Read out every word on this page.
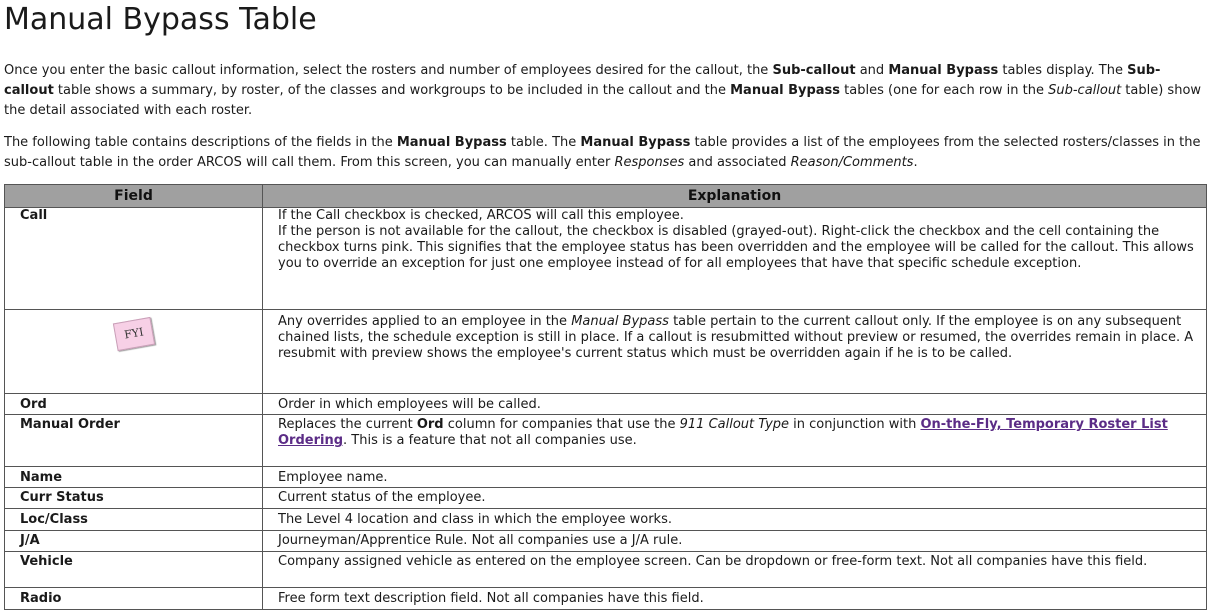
Manual Bypass Table

Once you enter the basic callout information, select the rosters and number of employees desired for the callout, the Sub-callout and Manual Bypass tables display. The Sub-callout table shows a summary, by roster, of the classes and workgroups to be included in the callout and the Manual Bypass tables (one for each row in the Sub-callout table) show the detail associated with each roster.

The following table contains descriptions of the fields in the Manual Bypass table. The Manual Bypass table provides a list of the employees from the selected rosters/classes in the sub-callout table in the order ARCOS will call them. From this screen, you can manually enter Responses and associated Reason/Comments.

Field	Explanation
Call	If the Call checkbox is checked, ARCOS will call this employee.

If the person is not available for the callout, the checkbox is disabled (grayed-out). Right-click the checkbox and the cell containing the checkbox turns pink. This signifies that the employee status has been overridden and the employee will be called for the callout. This allows you to override an exception for just one employee instead of for all employees that have that specific schedule exception.

FYI	Any overrides applied to an employee in the Manual Bypass table pertain to the current callout only. If the employee is on any subsequent chained lists, the schedule exception is still in place. If a callout is resubmitted without preview or resumed, the overrides remain in place. A resubmit with preview shows the employee's current status which must be overridden again if he is to be called.
Ord	Order in which employees will be called.
Manual Order	Replaces the current Ord column for companies that use the 911 Callout Type in conjunction with On-the-Fly, Temporary Roster List Ordering. This is a feature that not all companies use.
Name	Employee name.
Curr Status	Current status of the employee.
Loc/Class	The Level 4 location and class in which the employee works.
J/A	Journeyman/Apprentice Rule. Not all companies use a J/A rule.
Vehicle	Company assigned vehicle as entered on the employee screen. Can be dropdown or free-form text. Not all companies have this field.
Radio	Free form text description field. Not all companies have this field.
